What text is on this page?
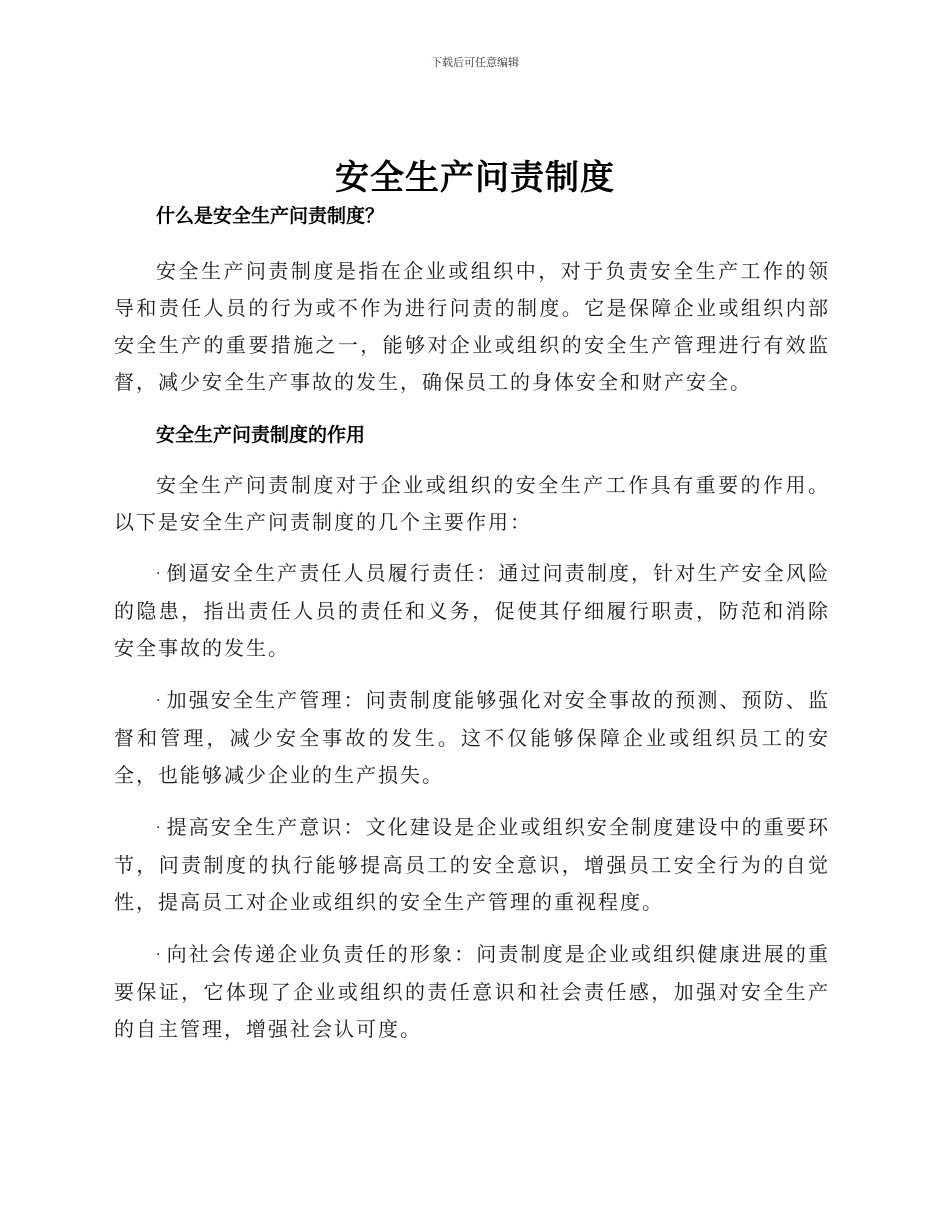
下载后可任意编辑
安全生产问责制度

什么是安全生产问责制度？

安全生产问责制度是指在企业或组织中，对于负责安全生产工作的领导和责任人员的行为或不作为进行问责的制度。它是保障企业或组织内部安全生产的重要措施之一，能够对企业或组织的安全生产管理进行有效监督，减少安全生产事故的发生，确保员工的身体安全和财产安全。

安全生产问责制度的作用

安全生产问责制度对于企业或组织的安全生产工作具有重要的作用。以下是安全生产问责制度的几个主要作用：

· 倒逼安全生产责任人员履行责任：通过问责制度，针对生产安全风险的隐患，指出责任人员的责任和义务，促使其仔细履行职责，防范和消除安全事故的发生。

· 加强安全生产管理：问责制度能够强化对安全事故的预测、预防、监督和管理，减少安全事故的发生。这不仅能够保障企业或组织员工的安全，也能够减少企业的生产损失。

· 提高安全生产意识：文化建设是企业或组织安全制度建设中的重要环节，问责制度的执行能够提高员工的安全意识，增强员工安全行为的自觉性，提高员工对企业或组织的安全生产管理的重视程度。

· 向社会传递企业负责任的形象：问责制度是企业或组织健康进展的重要保证，它体现了企业或组织的责任意识和社会责任感，加强对安全生产的自主管理，增强社会认可度。
